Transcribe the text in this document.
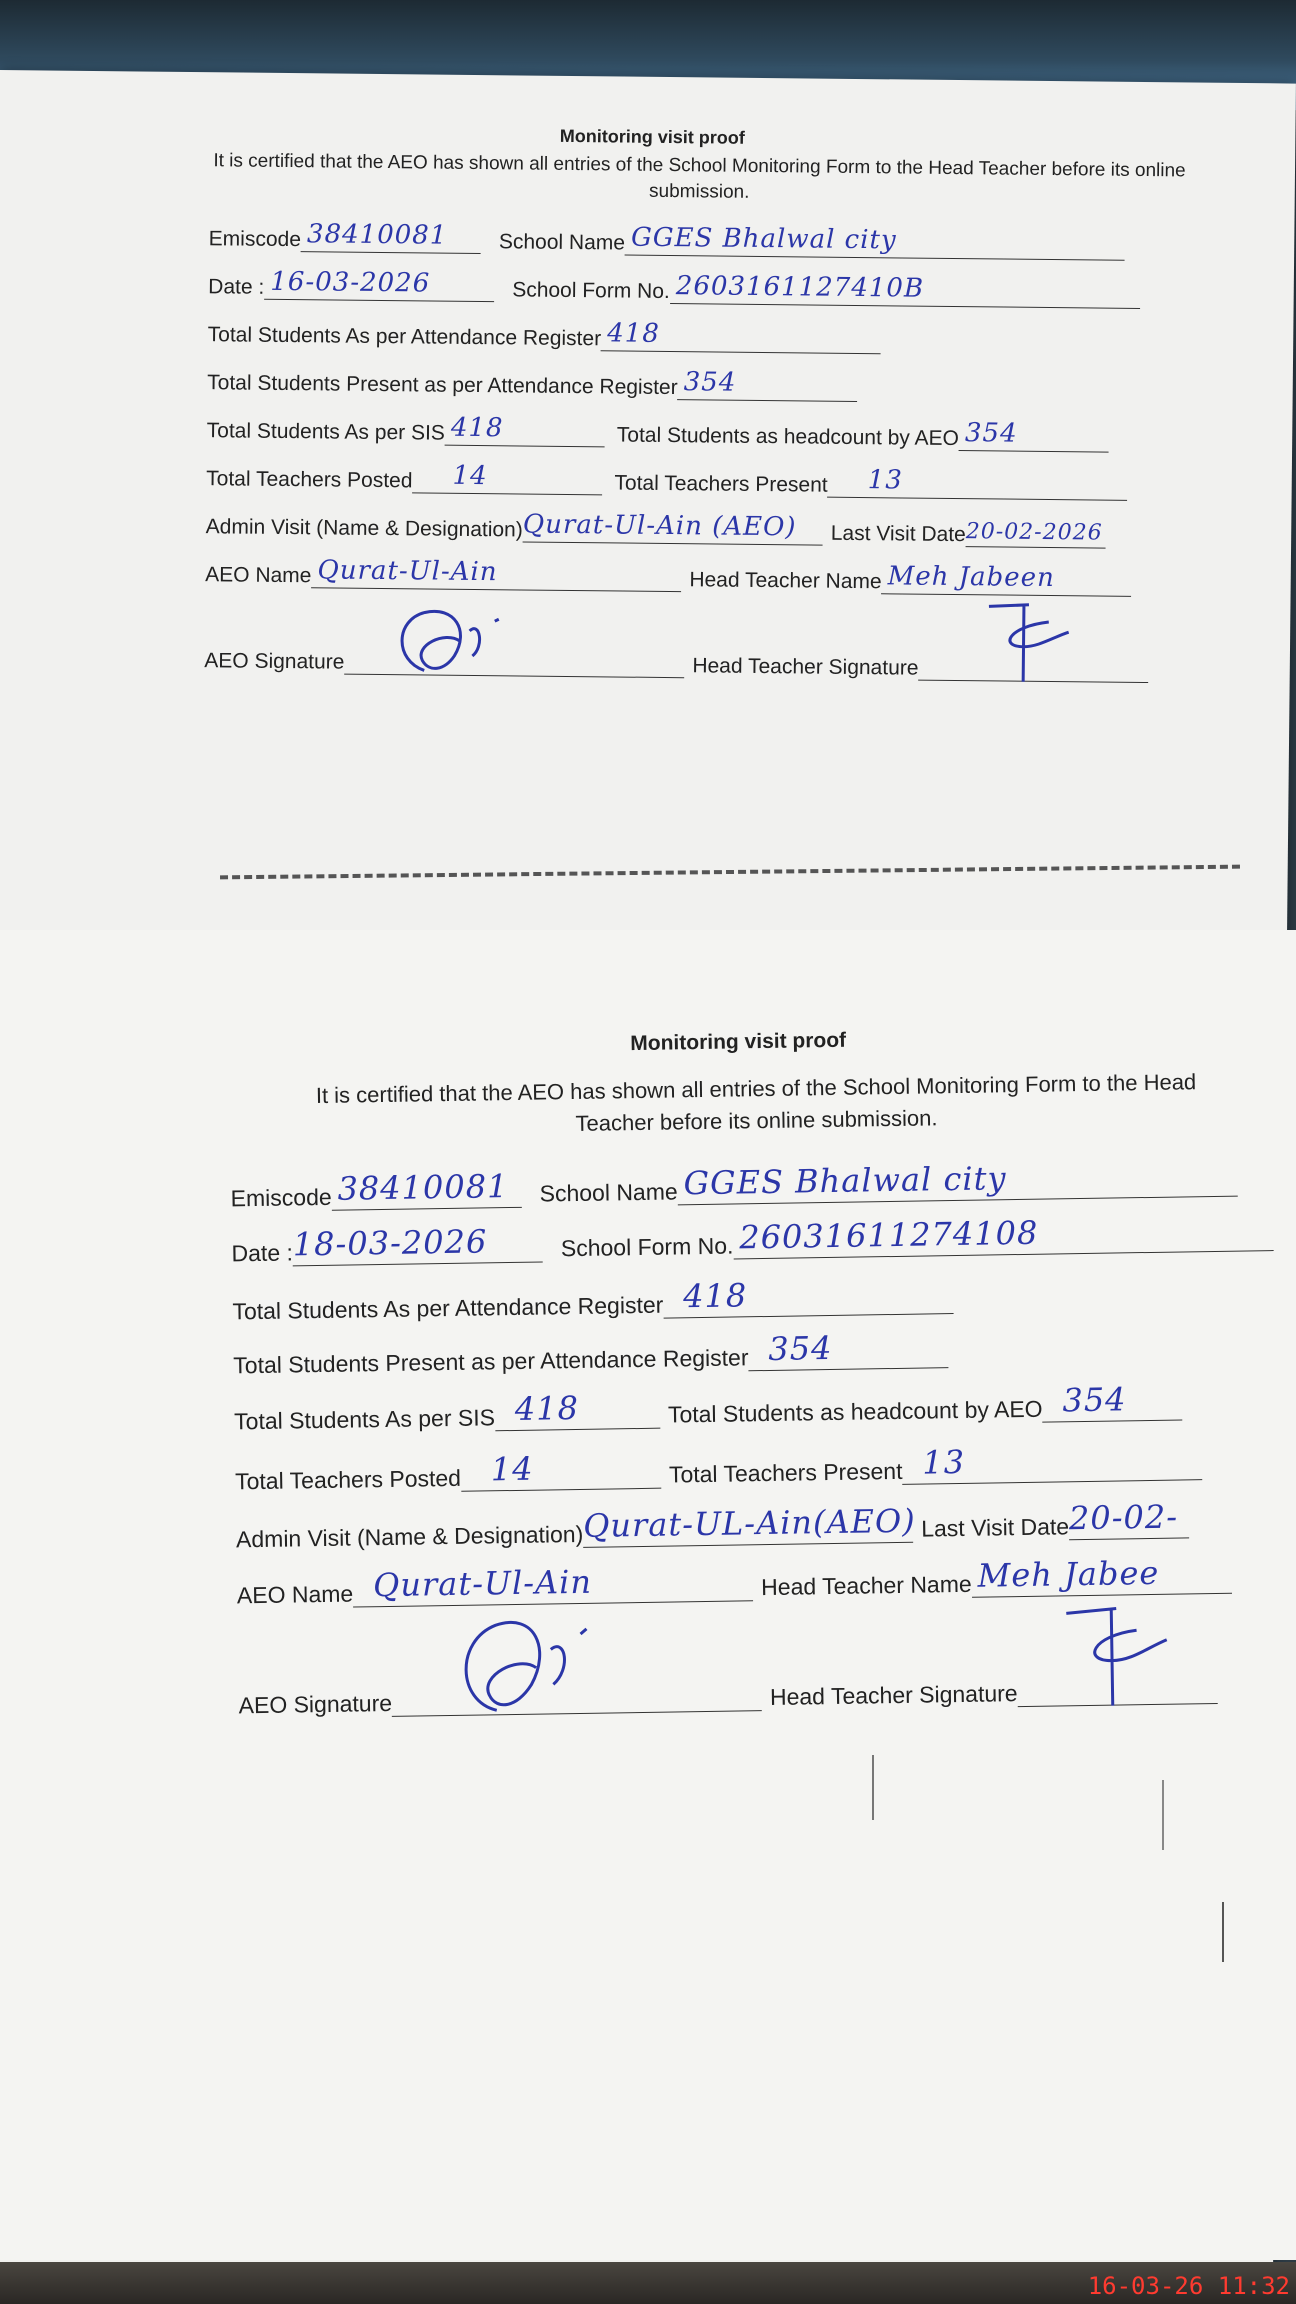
Monitoring visit proof
It is certified that the AEO has shown all entries of the School Monitoring Form to the Head Teacher before its online submission.
Emiscode 38410081 School Name GGES Bhalwal city
Date : 16-03-2026	School Form No. 2603161127410B
Total Students As per Attendance Register 418
Total Students Present as per Attendance Register 354
Total Students As per SIS 418	Total Students as headcount by AEO 354
Total Teachers Posted 14	Total Teachers Present 13
Admin Visit (Name & Designation) Qurat-Ul-Ain (AEO) Last Visit Date 20-02-2026
AEO Name Qurat-Ul-Ain	Head Teacher Name Meh Jabeen
AEO Signature	Head Teacher Signature
Monitoring visit proof
It is certified that the AEO has shown all entries of the School Monitoring Form to the Head
Teacher before its online submission.
Emiscode 38410081 School Name GGES Bhalwal city
Date : 18-03-2026	School Form No. 26031611274108
Total Students As per Attendance Register 418
Total Students Present as per Attendance Register 354
Total Students As per SIS 418	Total Students as headcount by AEO 354
Total Teachers Posted 14	Total Teachers Present 13
Admin Visit (Name & Designation) Qurat-UL-Ain(AEO) Last Visit Date 20-02-
AEO Name Qurat-Ul-Ain	Head Teacher Name Meh Jabee
AEO Signature	Head Teacher Signature
16-03-26 11:32
